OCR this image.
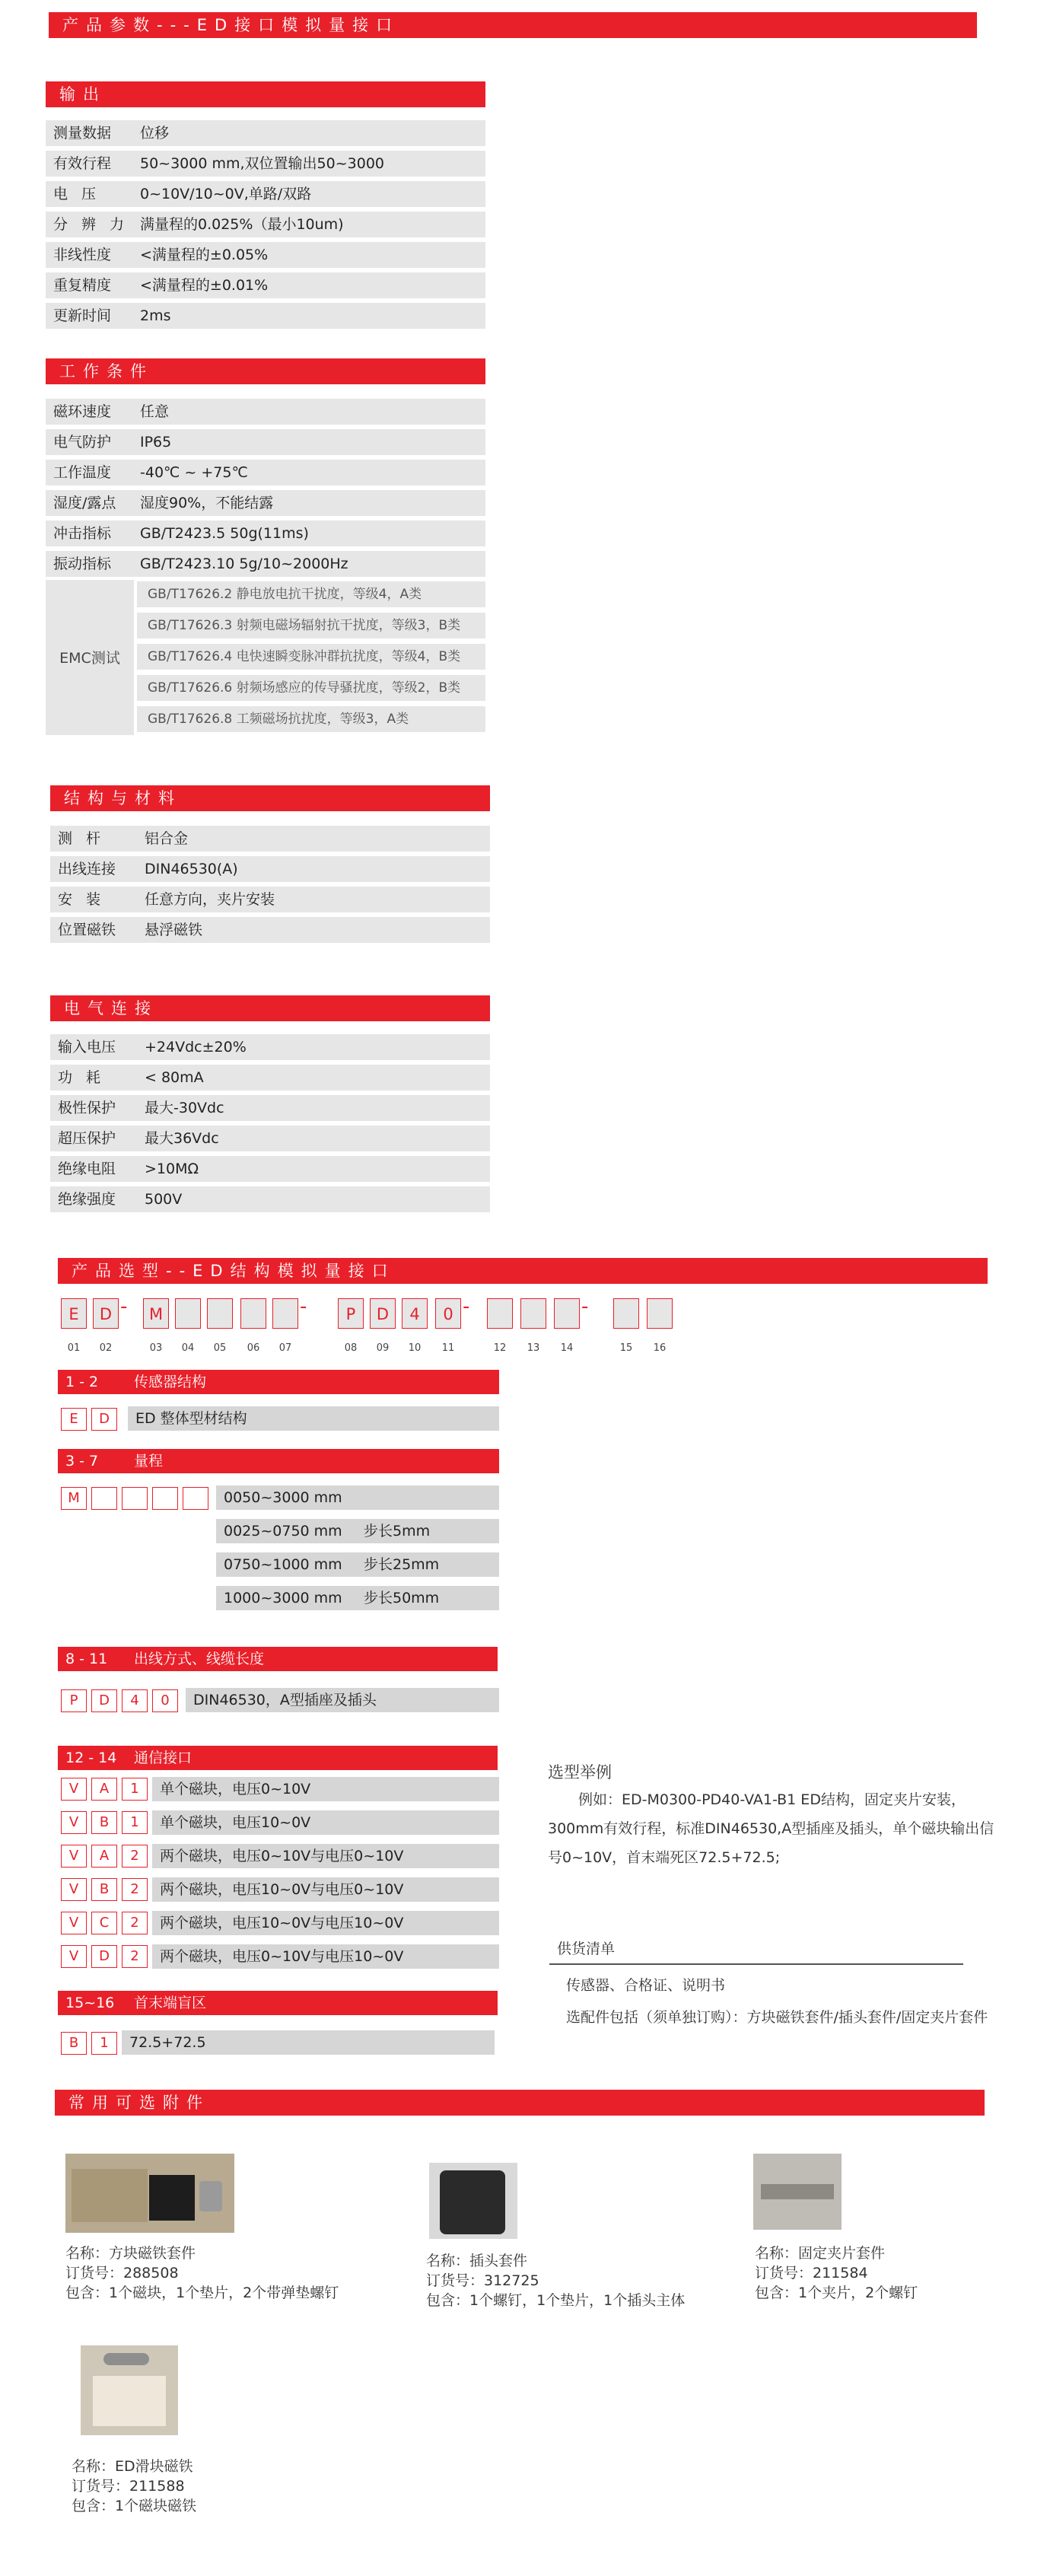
产品参数---ED接口模拟量接口
输出
测量数据 位移
有效行程 50~3000 mm,双位置输出50~3000
电压 0~10V/10~0V,单路/双路
分辨力 满量程的0.025%（最小10um)
非线性度 <满量程的±0.05%
重复精度 <满量程的±0.01%
更新时间 2ms
工作条件
磁环速度 任意
电气防护 IP65
工作温度 -40℃ ~ +75℃
湿度/露点 湿度90%，不能结露
冲击指标 GB/T2423.5 50g(11ms)
振动指标 GB/T2423.10 5g/10~2000Hz
EMC测试
GB/T17626.2 静电放电抗干扰度，等级4，A类
GB/T17626.3 射频电磁场辐射抗干扰度，等级3，B类
GB/T17626.4 电快速瞬变脉冲群抗扰度，等级4，B类
GB/T17626.6 射频场感应的传导骚扰度，等级2，B类
GB/T17626.8 工频磁场抗扰度，等级3，A类
结构与材料
测杆 铝合金
出线连接 DIN46530(A)
安装 任意方向，夹片安装
位置磁铁 悬浮磁铁
电气连接
输入电压 +24Vdc±20%
功耗 < 80mA
极性保护 最大-30Vdc
超压保护 最大36Vdc
绝缘电阻 >10MΩ
绝缘强度 500V
产品选型--ED结构模拟量接口
E	D -	M	-	P	D	4	0 -	-
01	02	03	04	05	06	07	08	09	10	11	12	13	14	15	16
1 - 2 传感器结构
E	D	ED 整体型材结构
3 - 7 量程
M	0050~3000 mm
0025~0750 mm 步长5mm
0750~1000 mm 步长25mm
1000~3000 mm 步长50mm
8 - 11 出线方式、线缆长度
P	D	4	0	DIN46530，A型插座及插头
12 - 14 通信接口
V	A	1	单个磁块，电压0~10V
V	B	1	单个磁块，电压10~0V
V	A	2	两个磁块，电压0~10V与电压0~10V
V	B	2	两个磁块，电压10~0V与电压0~10V
V	C	2	两个磁块，电压10~0V与电压10~0V
V	D	2	两个磁块，电压0~10V与电压10~0V
15~16 首末端盲区
B	1	72.5+72.5
选型举例
例如：ED-M0300-PD40-VA1-B1 ED结构，固定夹片安装，
300mm有效行程，标准DIN46530,A型插座及插头，单个磁块输出信
号0~10V，首末端死区72.5+72.5;
供货清单
传感器、合格证、说明书
选配件包括（须单独订购）：方块磁铁套件/插头套件/固定夹片套件
常用可选附件
名称：方块磁铁套件
订货号：288508
包含：1个磁块，1个垫片，2个带弹垫螺钉
名称：插头套件
订货号：312725
包含：1个螺钉，1个垫片，1个插头主体
名称：固定夹片套件
订货号：211584
包含：1个夹片，2个螺钉
名称：ED滑块磁铁
订货号：211588
包含：1个磁块磁铁
